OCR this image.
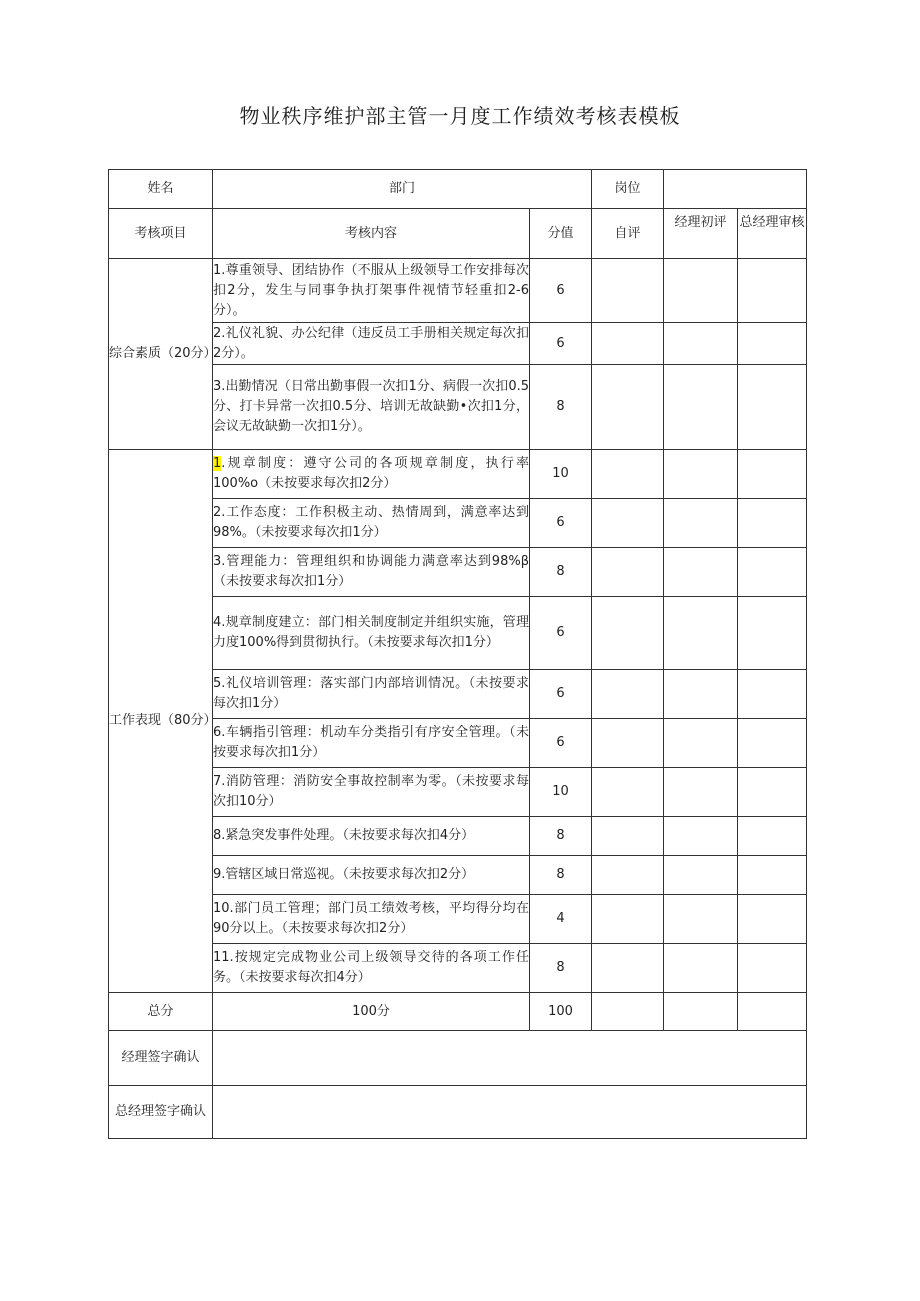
物业秩序维护部主管一月度工作绩效考核表模板
姓名	部门		岗位		
考核项目	考核内容	分值	自评	经理初评	总经理审核
综合素质（20分）	1.尊重领导、团结协作（不服从上级领导工作安排每次扣2分，发生与同事争执打架事件视情节轻重扣2-6分）。	6			
	2.礼仪礼貌、办公纪律（违反员工手册相关规定每次扣2分）。	6			
	3.出勤情况（日常出勤事假一次扣1分、病假一次扣0.5分、打卡异常一次扣0.5分、培训无故缺勤•次扣1分，会议无故缺勤一次扣1分）。	8			
工作表现（80分）	1.规章制度：遵守公司的各项规章制度，执行率100%o（未按要求每次扣2分）	10			
	2.工作态度：工作积极主动、热情周到，满意率达到98%。（未按要求每次扣1分）	6			
	3.管理能力：管理组织和协调能力满意率达到98%β（未按要求每次扣1分）	8			
	4.规章制度建立：部门相关制度制定并组织实施，管理力度100%得到贯彻执行。（未按要求每次扣1分）	6			
	5.礼仪培训管理：落实部门内部培训情况。（未按要求每次扣1分）	6			
	6.车辆指引管理：机动车分类指引有序安全管理。（未按要求每次扣1分）	6			
	7.消防管理：消防安全事故控制率为零。（未按要求每次扣10分）	10			
	8.紧急突发事件处理。（未按要求每次扣4分）	8			
	9.管辖区域日常巡视。（未按要求每次扣2分）	8			
	10.部门员工管理；部门员工绩效考核，平均得分均在90分以上。（未按要求每次扣2分）	4			
	11.按规定完成物业公司上级领导交待的各项工作任务。（未按要求每次扣4分）	8			
总分	100分	100			
经理签字确认					
总经理签字确认					
